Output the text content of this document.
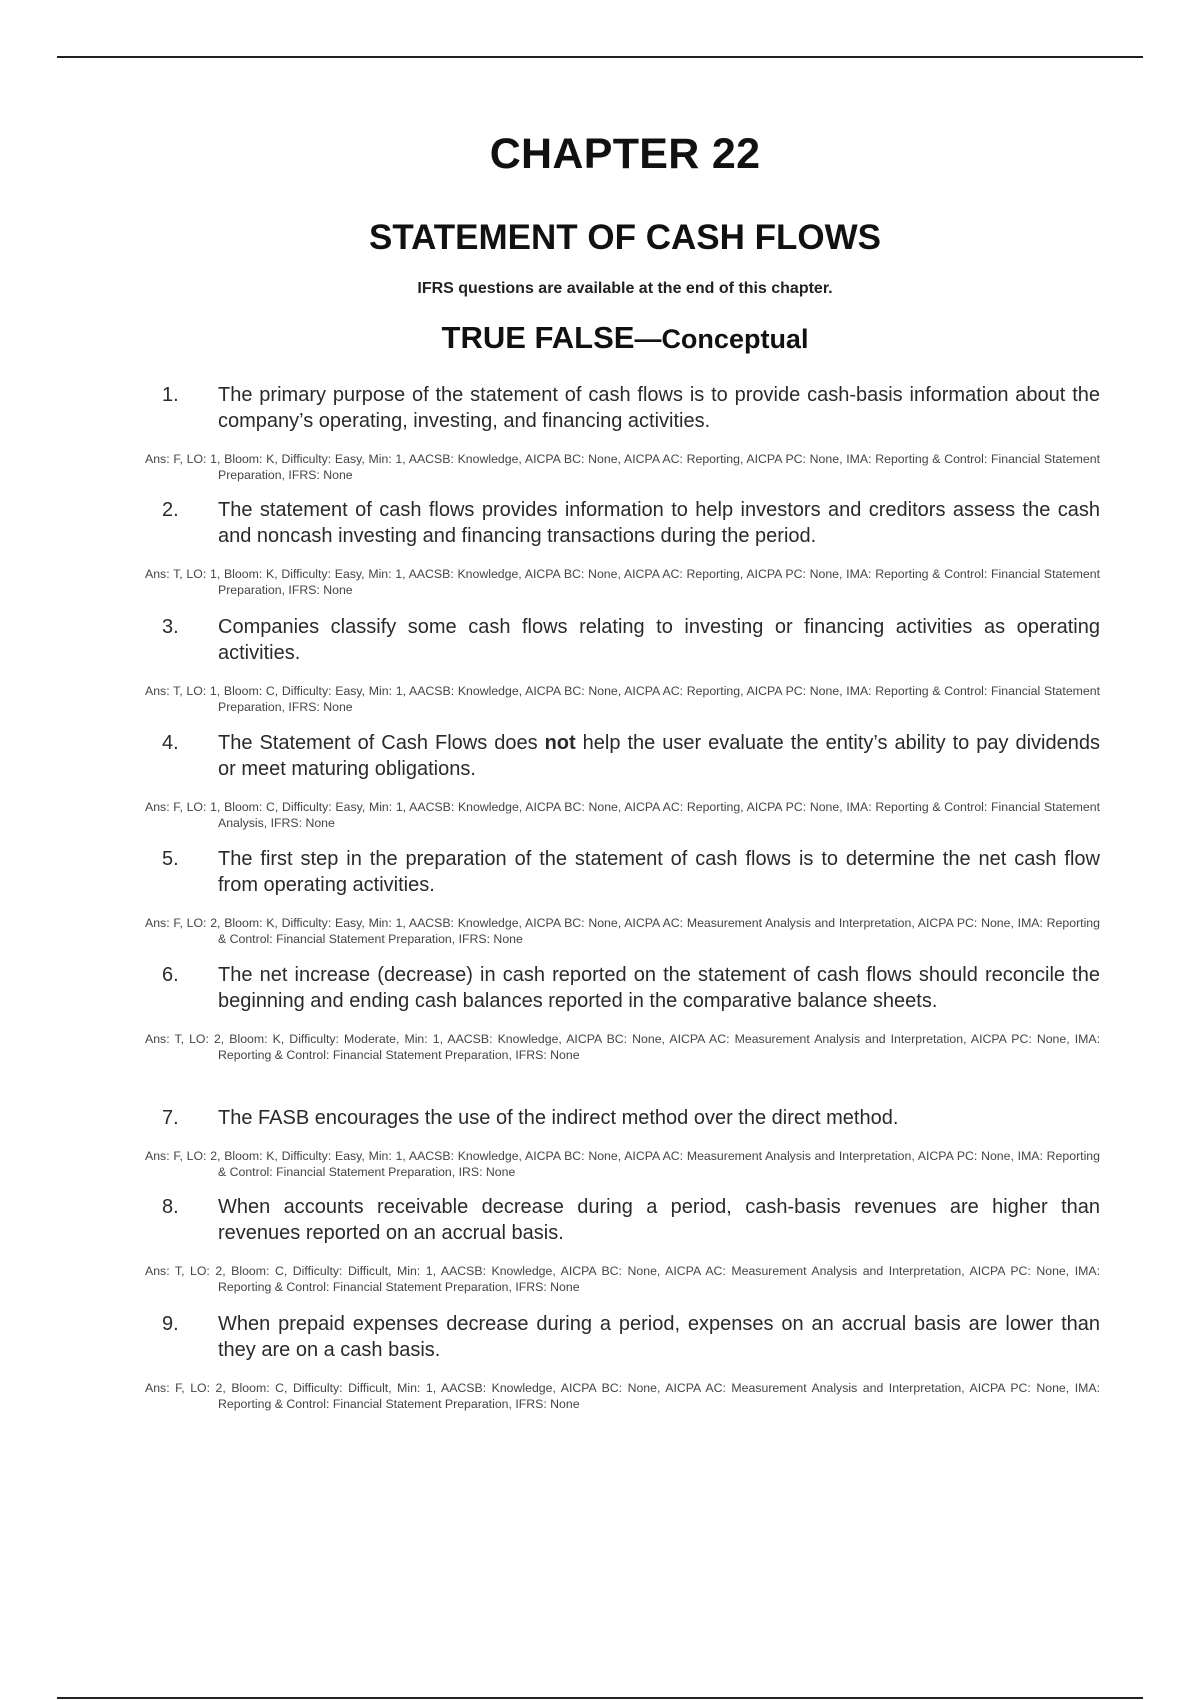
CHAPTER 22
STATEMENT OF CASH FLOWS
IFRS questions are available at the end of this chapter.
TRUE FALSE—Conceptual
1. The primary purpose of the statement of cash flows is to provide cash-basis information about the company’s operating, investing, and financing activities.
Ans: F, LO: 1, Bloom: K, Difficulty: Easy, Min: 1, AACSB: Knowledge, AICPA BC: None, AICPA AC: Reporting, AICPA PC: None, IMA: Reporting & Control: Financial Statement Preparation, IFRS: None
2. The statement of cash flows provides information to help investors and creditors assess the cash and noncash investing and financing transactions during the period.
Ans: T, LO: 1, Bloom: K, Difficulty: Easy, Min: 1, AACSB: Knowledge, AICPA BC: None, AICPA AC: Reporting, AICPA PC: None, IMA: Reporting & Control: Financial Statement Preparation, IFRS: None
3. Companies classify some cash flows relating to investing or financing activities as operating activities.
Ans: T, LO: 1, Bloom: C, Difficulty: Easy, Min: 1, AACSB: Knowledge, AICPA BC: None, AICPA AC: Reporting, AICPA PC: None, IMA: Reporting & Control: Financial Statement Preparation, IFRS: None
4. The Statement of Cash Flows does not help the user evaluate the entity’s ability to pay dividends or meet maturing obligations.
Ans: F, LO: 1, Bloom: C, Difficulty: Easy, Min: 1, AACSB: Knowledge, AICPA BC: None, AICPA AC: Reporting, AICPA PC: None, IMA: Reporting & Control: Financial Statement Analysis, IFRS: None
5. The first step in the preparation of the statement of cash flows is to determine the net cash flow from operating activities.
Ans: F, LO: 2, Bloom: K, Difficulty: Easy, Min: 1, AACSB: Knowledge, AICPA BC: None, AICPA AC: Measurement Analysis and Interpretation, AICPA PC: None, IMA: Reporting & Control: Financial Statement Preparation, IFRS: None
6. The net increase (decrease) in cash reported on the statement of cash flows should reconcile the beginning and ending cash balances reported in the comparative balance sheets.
Ans: T, LO: 2, Bloom: K, Difficulty: Moderate, Min: 1, AACSB: Knowledge, AICPA BC: None, AICPA AC: Measurement Analysis and Interpretation, AICPA PC: None, IMA: Reporting & Control: Financial Statement Preparation, IFRS: None
7. The FASB encourages the use of the indirect method over the direct method.
Ans: F, LO: 2, Bloom: K, Difficulty: Easy, Min: 1, AACSB: Knowledge, AICPA BC: None, AICPA AC: Measurement Analysis and Interpretation, AICPA PC: None, IMA: Reporting & Control: Financial Statement Preparation, IRS: None
8. When accounts receivable decrease during a period, cash-basis revenues are higher than revenues reported on an accrual basis.
Ans: T, LO: 2, Bloom: C, Difficulty: Difficult, Min: 1, AACSB: Knowledge, AICPA BC: None, AICPA AC: Measurement Analysis and Interpretation, AICPA PC: None, IMA: Reporting & Control: Financial Statement Preparation, IFRS: None
9. When prepaid expenses decrease during a period, expenses on an accrual basis are lower than they are on a cash basis.
Ans: F, LO: 2, Bloom: C, Difficulty: Difficult, Min: 1, AACSB: Knowledge, AICPA BC: None, AICPA AC: Measurement Analysis and Interpretation, AICPA PC: None, IMA: Reporting & Control: Financial Statement Preparation, IFRS: None
